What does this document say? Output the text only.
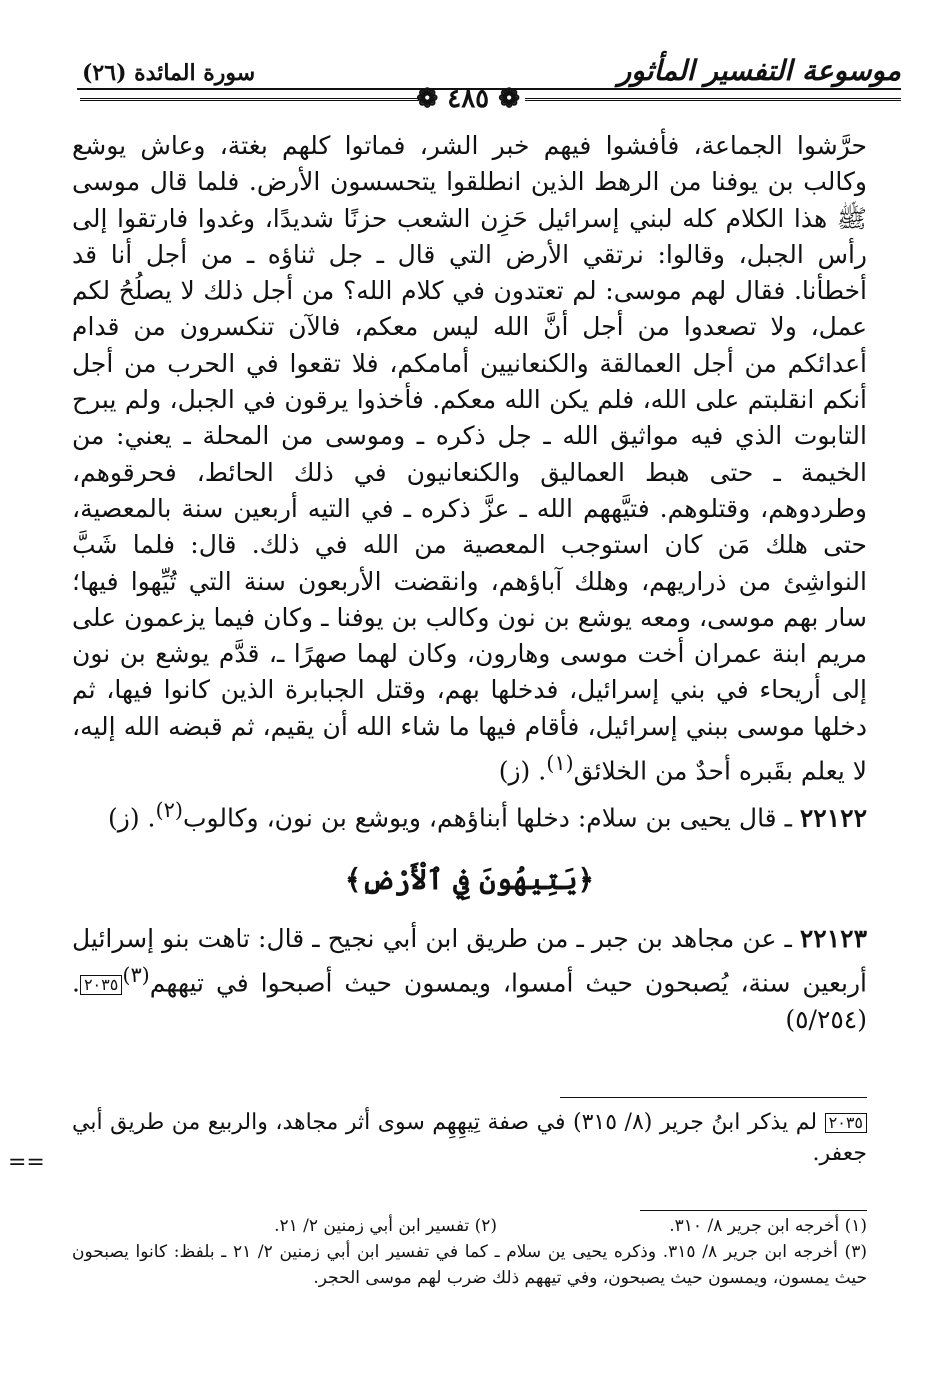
موسوعة التفسير المأثور
سورة المائدة (٢٦)
❁ ٤٨٥ ❁

حرَّشوا الجماعة، فأفشوا فيهم خبر الشر، فماتوا كلهم بغتة، وعاش يوشع وكالب بن يوفنا من الرهط الذين انطلقوا يتحسسون الأرض. فلما قال موسى ﷺ هذا الكلام كله لبني إسرائيل حَزِن الشعب حزنًا شديدًا، وغدوا فارتقوا إلى رأس الجبل، وقالوا: نرتقي الأرض التي قال ـ جل ثناؤه ـ من أجل أنا قد أخطأنا. فقال لهم موسى: لم تعتدون في كلام الله؟ من أجل ذلك لا يصلُحُ لكم عمل، ولا تصعدوا من أجل أنَّ الله ليس معكم، فالآن تنكسرون من قدام أعدائكم من أجل العمالقة والكنعانيين أمامكم، فلا تقعوا في الحرب من أجل أنكم انقلبتم على الله، فلم يكن الله معكم. فأخذوا يرقون في الجبل، ولم يبرح التابوت الذي فيه مواثيق الله ـ جل ذكره ـ وموسى من المحلة ـ يعني: من الخيمة ـ حتى هبط العماليق والكنعانيون في ذلك الحائط، فحرقوهم، وطردوهم، وقتلوهم. فتيَّههم الله ـ عزَّ ذكره ـ في التيه أربعين سنة بالمعصية، حتى هلك مَن كان استوجب المعصية من الله في ذلك. قال: فلما شَبَّ النواشِئ من ذراريهم، وهلك آباؤهم، وانقضت الأربعون سنة التي تُيِّهوا فيها؛ سار بهم موسى، ومعه يوشع بن نون وكالب بن يوفنا ـ وكان فيما يزعمون على مريم ابنة عمران أخت موسى وهارون، وكان لهما صهرًا ـ، قدَّم يوشع بن نون إلى أريحاء في بني إسرائيل، فدخلها بهم، وقتل الجبابرة الذين كانوا فيها، ثم دخلها موسى ببني إسرائيل، فأقام فيها ما شاء الله أن يقيم، ثم قبضه الله إليه، لا يعلم بقَبره أحدٌ من الخلائق$^{(١)}$. (ز)

٢٢١٢٢ ـ قال يحيى بن سلام: دخلها أبناؤهم، ويوشع بن نون، وكالوب$^{(٢)}$. (ز)

﴿يَتِيهُونَ فِي ٱلْأَرْضِ﴾

٢٢١٢٣ ـ عن مجاهد بن جبر ـ من طريق ابن أبي نجيح ـ قال: تاهت بنو إسرائيل أربعين سنة، يُصبحون حيث أمسوا، ويمسون حيث أصبحوا في تيههم$^{(٣)}$٢٠٣٥. (٥/٢٥٤)

٢٠٣٥ لم يذكر ابنُ جرير (٨/ ٣١٥) في صفة تِيهِهِم سوى أثر مجاهد، والربيع من طريق أبي جعفر.
==
(١) أخرجه ابن جرير ٨/ ٣١٠.
(٢) تفسير ابن أبي زمنين ٢/ ٢١.
(٣) أخرجه ابن جرير ٨/ ٣١٥. وذكره يحيى ين سلام ـ كما في تفسير ابن أبي زمنين ٢/ ٢١ ـ بلفظ: كانوا يصبحون حيث يمسون، ويمسون حيث يصبحون، وفي تيههم ذلك ضرب لهم موسى الحجر.
